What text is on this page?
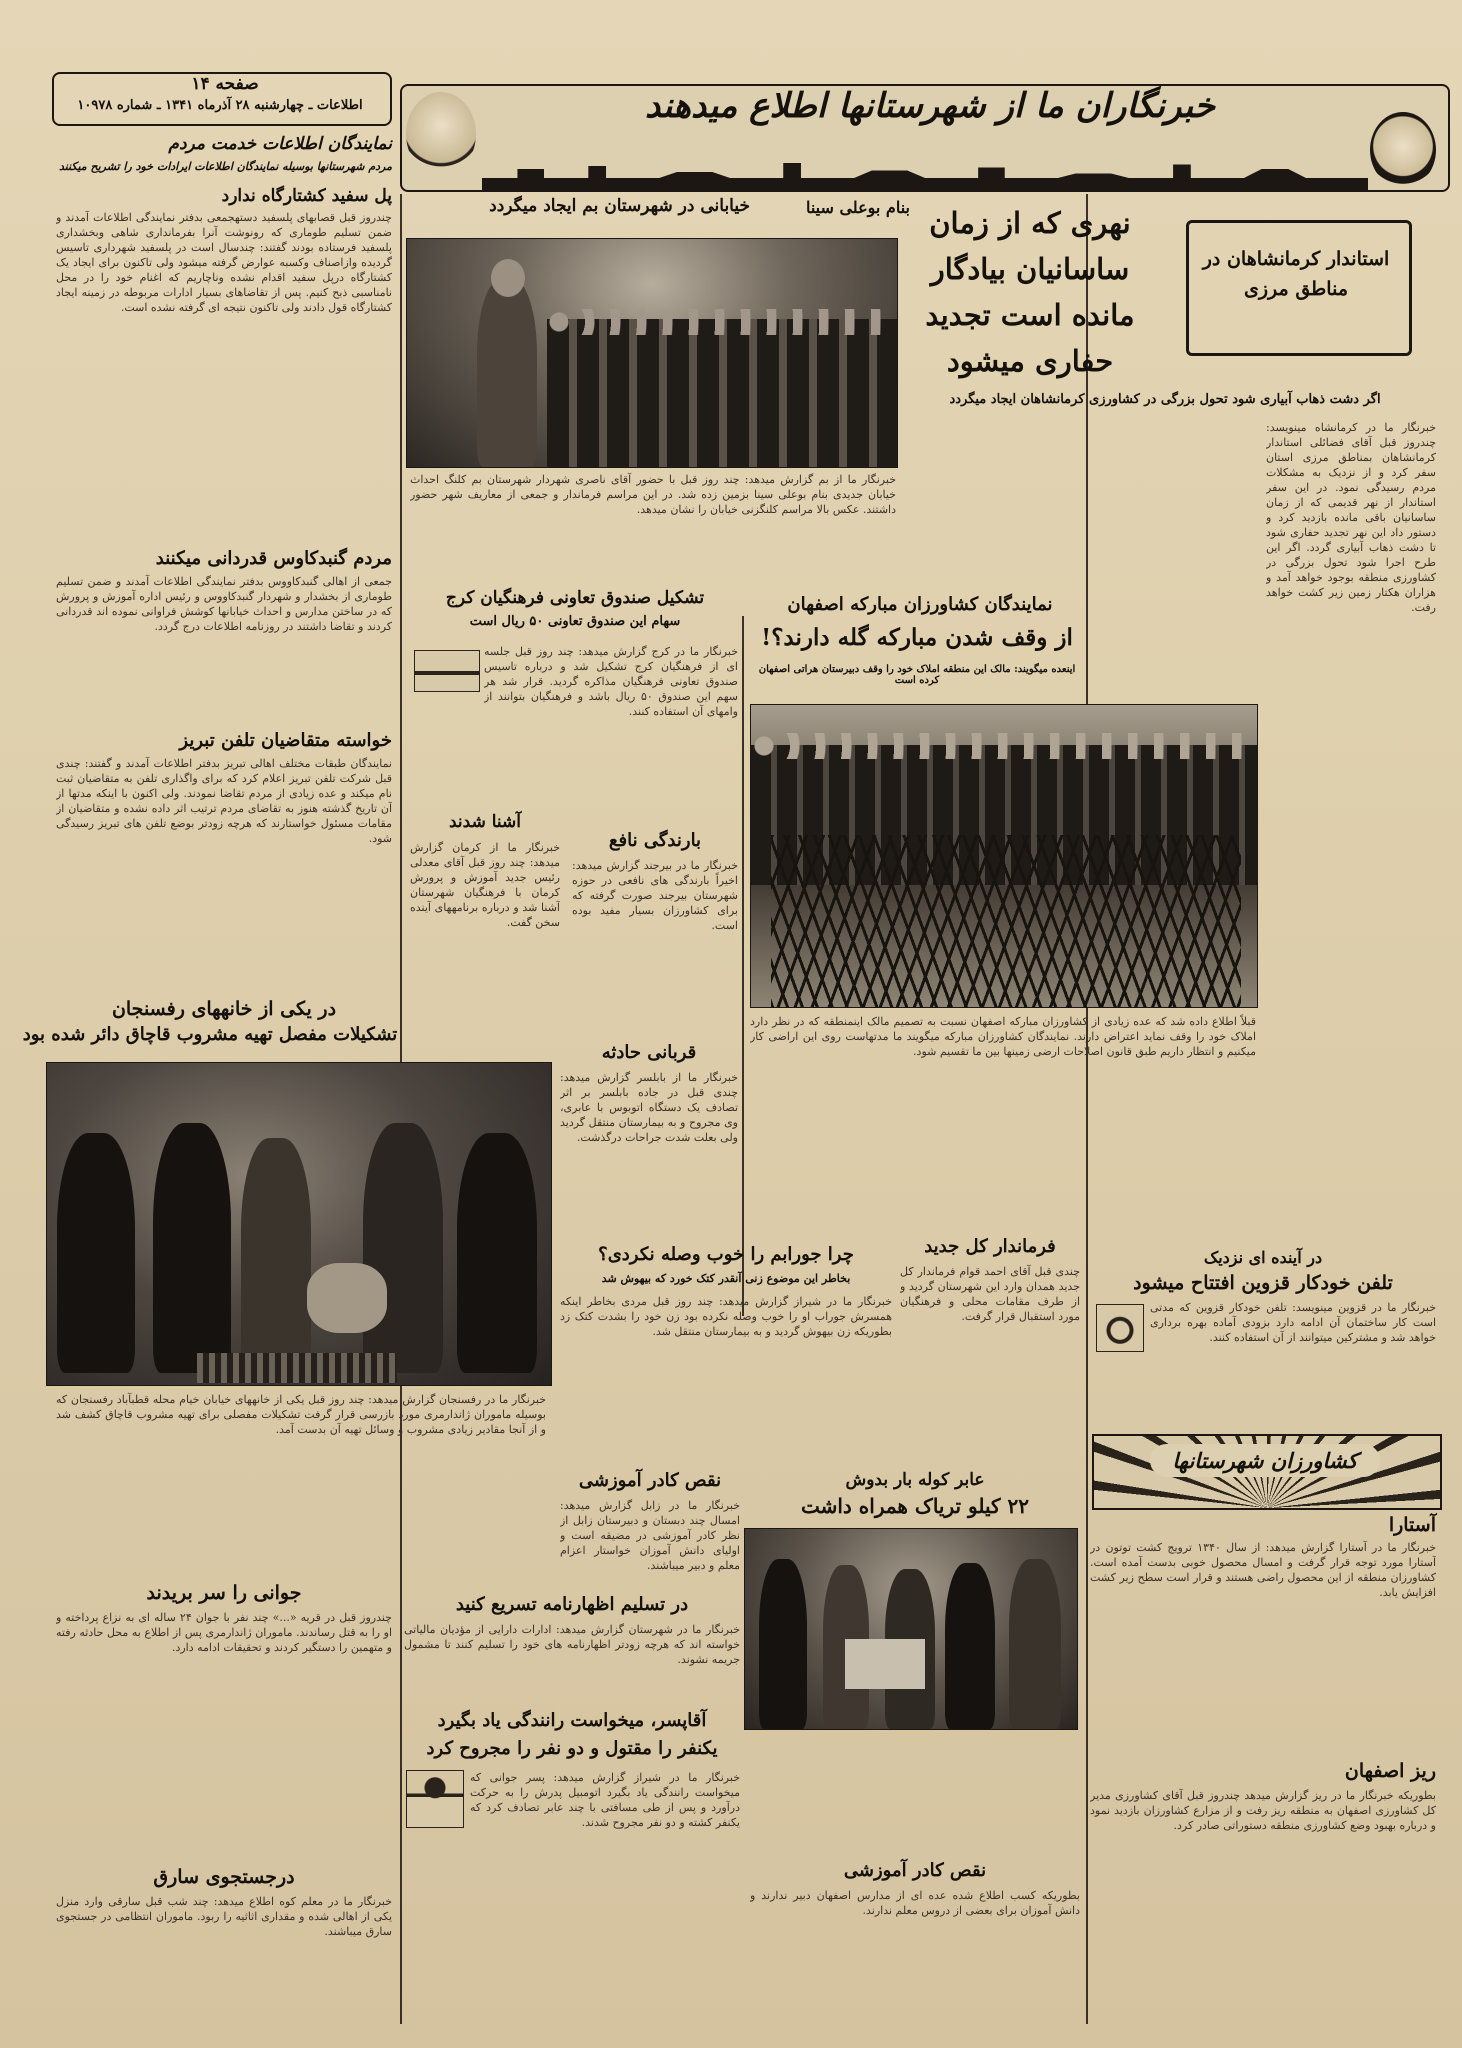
صفحه ۱۴
اطلاعات ـ چهارشنبه ۲۸ آذرماه ۱۳۴۱ ـ شماره ۱۰۹۷۸	خبرنگاران ما از شهرستانها اطلاع میدهند
نمایندگان اطلاعات خدمت مردم
مردم شهرستانها بوسیله نمایندگان اطلاعات ایرادات خود را تشریح میکنند
پل سفید کشتارگاه ندارد
چندروز قبل قصابهای پلسفید دستهجمعی بدفتر نمایندگی اطلاعات آمدند و ضمن تسلیم طوماری که رونوشت آنرا بفرمانداری شاهی وبخشداری پلسفید فرستاده بودند گفتند: چندسال است در پلسفید شهرداری تاسیس گردیده وازاصناف وکسبه عوارض گرفته میشود ولی تاکنون برای ایجاد یک کشتارگاه درپل سفید اقدام نشده وناچاریم که اغنام خود را در محل نامناسبی ذبح کنیم. پس از تقاضاهای بسیار ادارات مربوطه در زمینه ایجاد کشتارگاه قول دادند ولی تاکنون نتیجه ای گرفته نشده است.
مردم گنبدکاوس قدردانی میکنند
جمعی از اهالی گنبدکاووس بدفتر نمایندگی اطلاعات آمدند و ضمن تسلیم طوماری از بخشدار و شهردار گنبدکاووس و رئیس اداره آموزش و پرورش که در ساختن مدارس و احداث خیابانها کوشش فراوانی نموده اند قدردانی کردند و تقاضا داشتند در روزنامه اطلاعات درج گردد.
خواسته متقاضیان تلفن تبریز
نمایندگان طبقات مختلف اهالی تبریز بدفتر اطلاعات آمدند و گفتند: چندی قبل شرکت تلفن تبریز اعلام کرد که برای واگذاری تلفن به متقاضیان ثبت نام میکند و عده زیادی از مردم تقاضا نمودند. ولی اکنون با اینکه مدتها از آن تاریخ گذشته هنوز به تقاضای مردم ترتیب اثر داده نشده و متقاضیان از مقامات مسئول خواستارند که هرچه زودتر بوضع تلفن های تبریز رسیدگی شود.
در یکی از خانههای رفسنجان
تشکیلات مفصل تهیه مشروب قاچاق دائر شده بود
خبرنگار ما در رفسنجان گزارش میدهد: چند روز قبل یکی از خانههای خیابان خیام محله قطبآباد رفسنجان که بوسیله ماموران ژاندارمری مورد بازرسی قرار گرفت تشکیلات مفصلی برای تهیه مشروب قاچاق کشف شد و از آنجا مقادیر زیادی مشروب و وسائل تهیه آن بدست آمد.
جوانی را سر بریدند
چندروز قبل در قریه «...» چند نفر با جوان ۲۴ ساله ای به نزاع پرداخته و او را به قتل رساندند. ماموران ژاندارمری پس از اطلاع به محل حادثه رفته و متهمین را دستگیر کردند و تحقیقات ادامه دارد.
درجستجوی سارق
خبرنگار ما در معلم کوه اطلاع میدهد: چند شب قبل سارقی وارد منزل یکی از اهالی شده و مقداری اثاثیه را ربود. ماموران انتظامی در جستجوی سارق میباشند.
بنام بوعلی سینا
خیابانی در شهرستان بم ایجاد میگردد
خبرنگار ما از بم گزارش میدهد: چند روز قبل با حضور آقای ناصری شهردار شهرستان بم کلنگ احداث خیابان جدیدی بنام بوعلی سینا بزمین زده شد. در این مراسم فرماندار و جمعی از معاریف شهر حضور داشتند. عکس بالا مراسم کلنگزنی خیابان را نشان میدهد.
تشکیل صندوق تعاونی فرهنگیان کرج
سهام این صندوق تعاونی ۵۰ ریال است
خبرنگار ما در کرج گزارش میدهد: چند روز قبل جلسه ای از فرهنگیان کرج تشکیل شد و درباره تاسیس صندوق تعاونی فرهنگیان مذاکره گردید. قرار شد هر سهم این صندوق ۵۰ ریال باشد و فرهنگیان بتوانند از وامهای آن استفاده کنند.
آشنا شدند
خبرنگار ما از کرمان گزارش میدهد: چند روز قبل آقای معدلی رئیس جدید آموزش و پرورش کرمان با فرهنگیان شهرستان آشنا شد و درباره برنامههای آینده سخن گفت.
بارندگی نافع
خبرنگار ما در بیرجند گزارش میدهد: اخیراً بارندگی های نافعی در حوزه شهرستان بیرجند صورت گرفته که برای کشاورزان بسیار مفید بوده است.
قربانی حادثه
خبرنگار ما از بابلسر گزارش میدهد: چندی قبل در جاده بابلسر بر اثر تصادف یک دستگاه اتوبوس با عابری، وی مجروح و به بیمارستان منتقل گردید ولی بعلت شدت جراحات درگذشت.
نمایندگان کشاورزان مبارکه اصفهان
از وقف شدن مبارکه گله دارند؟!
اینعده میگویند: مالک این منطقه املاک خود را وقف دبیرستان هراتی اصفهان کرده است
قبلاً اطلاع داده شد که عده زیادی از کشاورزان مبارکه اصفهان نسبت به تصمیم مالک اینمنطقه که در نظر دارد املاک خود را وقف نماید اعتراض دارند. نمایندگان کشاورزان مبارکه میگویند ما مدتهاست روی این اراضی کار میکنیم و انتظار داریم طبق قانون اصلاحات ارضی زمینها بین ما تقسیم شود.
فرماندار کل جدید
چندی قبل آقای احمد قوام فرماندار کل جدید همدان وارد این شهرستان گردید و از طرف مقامات محلی و فرهنگیان مورد استقبال قرار گرفت.
چرا جورابم را خوب وصله نکردی؟
بخاطر این موضوع زنی آنقدر کتک خورد که بیهوش شد
خبرنگار ما در شیراز گزارش میدهد: چند روز قبل مردی بخاطر اینکه همسرش جوراب او را خوب وصله نکرده بود زن خود را بشدت کتک زد بطوریکه زن بیهوش گردید و به بیمارستان منتقل شد.
نقص کادر آموزشی
خبرنگار ما در زابل گزارش میدهد: امسال چند دبستان و دبیرستان زابل از نظر کادر آموزشی در مضیقه است و اولیای دانش آموزان خواستار اعزام معلم و دبیر میباشند.
عابر کوله بار بدوش
۲۲ کیلو تریاک همراه داشت
در تسلیم اظهارنامه تسریع کنید
خبرنگار ما در شهرستان گزارش میدهد: ادارات دارایی از مؤدیان مالیاتی خواسته اند که هرچه زودتر اظهارنامه های خود را تسلیم کنند تا مشمول جریمه نشوند.
آقاپسر، میخواست رانندگی یاد بگیرد
یکنفر را مقتول و دو نفر را مجروح کرد
خبرنگار ما در شیراز گزارش میدهد: پسر جوانی که میخواست رانندگی یاد بگیرد اتومبیل پدرش را به حرکت درآورد و پس از طی مسافتی با چند عابر تصادف کرد که یکنفر کشته و دو نفر مجروح شدند.
نقص کادر آموزشی
بطوریکه کسب اطلاع شده عده ای از مدارس اصفهان دبیر ندارند و دانش آموزان برای بعضی از دروس معلم ندارند.
استاندار کرمانشاهان در مناطق مرزی
نهری که از زمان
ساسانیان بیادگار
مانده است تجدید
حفاری میشود
اگر دشت ذهاب آبیاری شود تحول بزرگی در کشاورزی کرمانشاهان ایجاد میگردد
خبرنگار ما در کرمانشاه مینویسد: چندروز قبل آقای فضائلی استاندار کرمانشاهان بمناطق مرزی استان سفر کرد و از نزدیک به مشکلات مردم رسیدگی نمود. در این سفر استاندار از نهر قدیمی که از زمان ساسانیان باقی مانده بازدید کرد و دستور داد این نهر تجدید حفاری شود تا دشت ذهاب آبیاری گردد. اگر این طرح اجرا شود تحول بزرگی در کشاورزی منطقه بوجود خواهد آمد و هزاران هکتار زمین زیر کشت خواهد رفت.
در آینده ای نزدیک
تلفن خودکار قزوین افتتاح میشود
خبرنگار ما در قزوین مینویسد: تلفن خودکار قزوین که مدتی است کار ساختمان آن ادامه دارد بزودی آماده بهره برداری خواهد شد و مشترکین میتوانند از آن استفاده کنند.
کشاورزان شهرستانها
آستارا
خبرنگار ما در آستارا گزارش میدهد: از سال ۱۳۴۰ ترویج کشت توتون در آستارا مورد توجه قرار گرفت و امسال محصول خوبی بدست آمده است. کشاورزان منطقه از این محصول راضی هستند و قرار است سطح زیر کشت افزایش یابد.
ریز اصفهان
بطوریکه خبرنگار ما در ریز گزارش میدهد چندروز قبل آقای کشاورزی مدیر کل کشاورزی اصفهان به منطقه ریز رفت و از مزارع کشاورزان بازدید نمود و درباره بهبود وضع کشاورزی منطقه دستوراتی صادر کرد.
